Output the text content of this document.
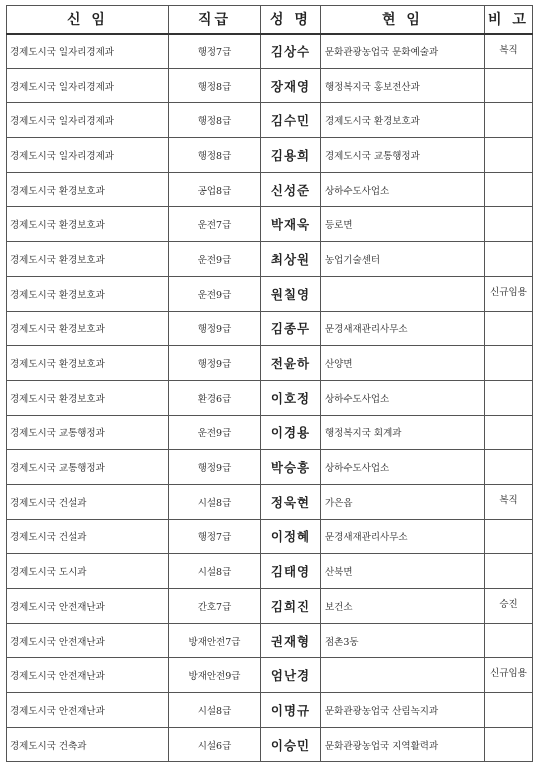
신 임	직급	성 명	현 임	비 고
경제도시국 일자리경제과	행정7급	김상수	문화관광농업국 문화예술과	복직
경제도시국 일자리경제과	행정8급	장재영	행정복지국 홍보전산과	
경제도시국 일자리경제과	행정8급	김수민	경제도시국 환경보호과	
경제도시국 일자리경제과	행정8급	김용희	경제도시국 교통행정과	
경제도시국 환경보호과	공업8급	신성준	상하수도사업소	
경제도시국 환경보호과	운전7급	박재욱	등로면	
경제도시국 환경보호과	운전9급	최상원	농업기술센터	
경제도시국 환경보호과	운전9급	원칠영		신규임용
경제도시국 환경보호과	행정9급	김종무	문경새재관리사무소	
경제도시국 환경보호과	행정9급	전윤하	산양면	
경제도시국 환경보호과	환경6급	이호정	상하수도사업소	
경제도시국 교통행정과	운전9급	이경용	행정복지국 회계과	
경제도시국 교통행정과	행정9급	박승흥	상하수도사업소	
경제도시국 건설과	시설8급	정욱현	가은읍	복직
경제도시국 건설과	행정7급	이정혜	문경새재관리사무소	
경제도시국 도시과	시설8급	김태영	산북면	
경제도시국 안전재난과	간호7급	김희진	보건소	승진
경제도시국 안전재난과	방재안전7급	권재형	점촌3동	
경제도시국 안전재난과	방재안전9급	엄난경		신규임용
경제도시국 안전재난과	시설8급	이명규	문화관광농업국 산림녹지과	
경제도시국 건축과	시설6급	이승민	문화관광농업국 지역활력과	
